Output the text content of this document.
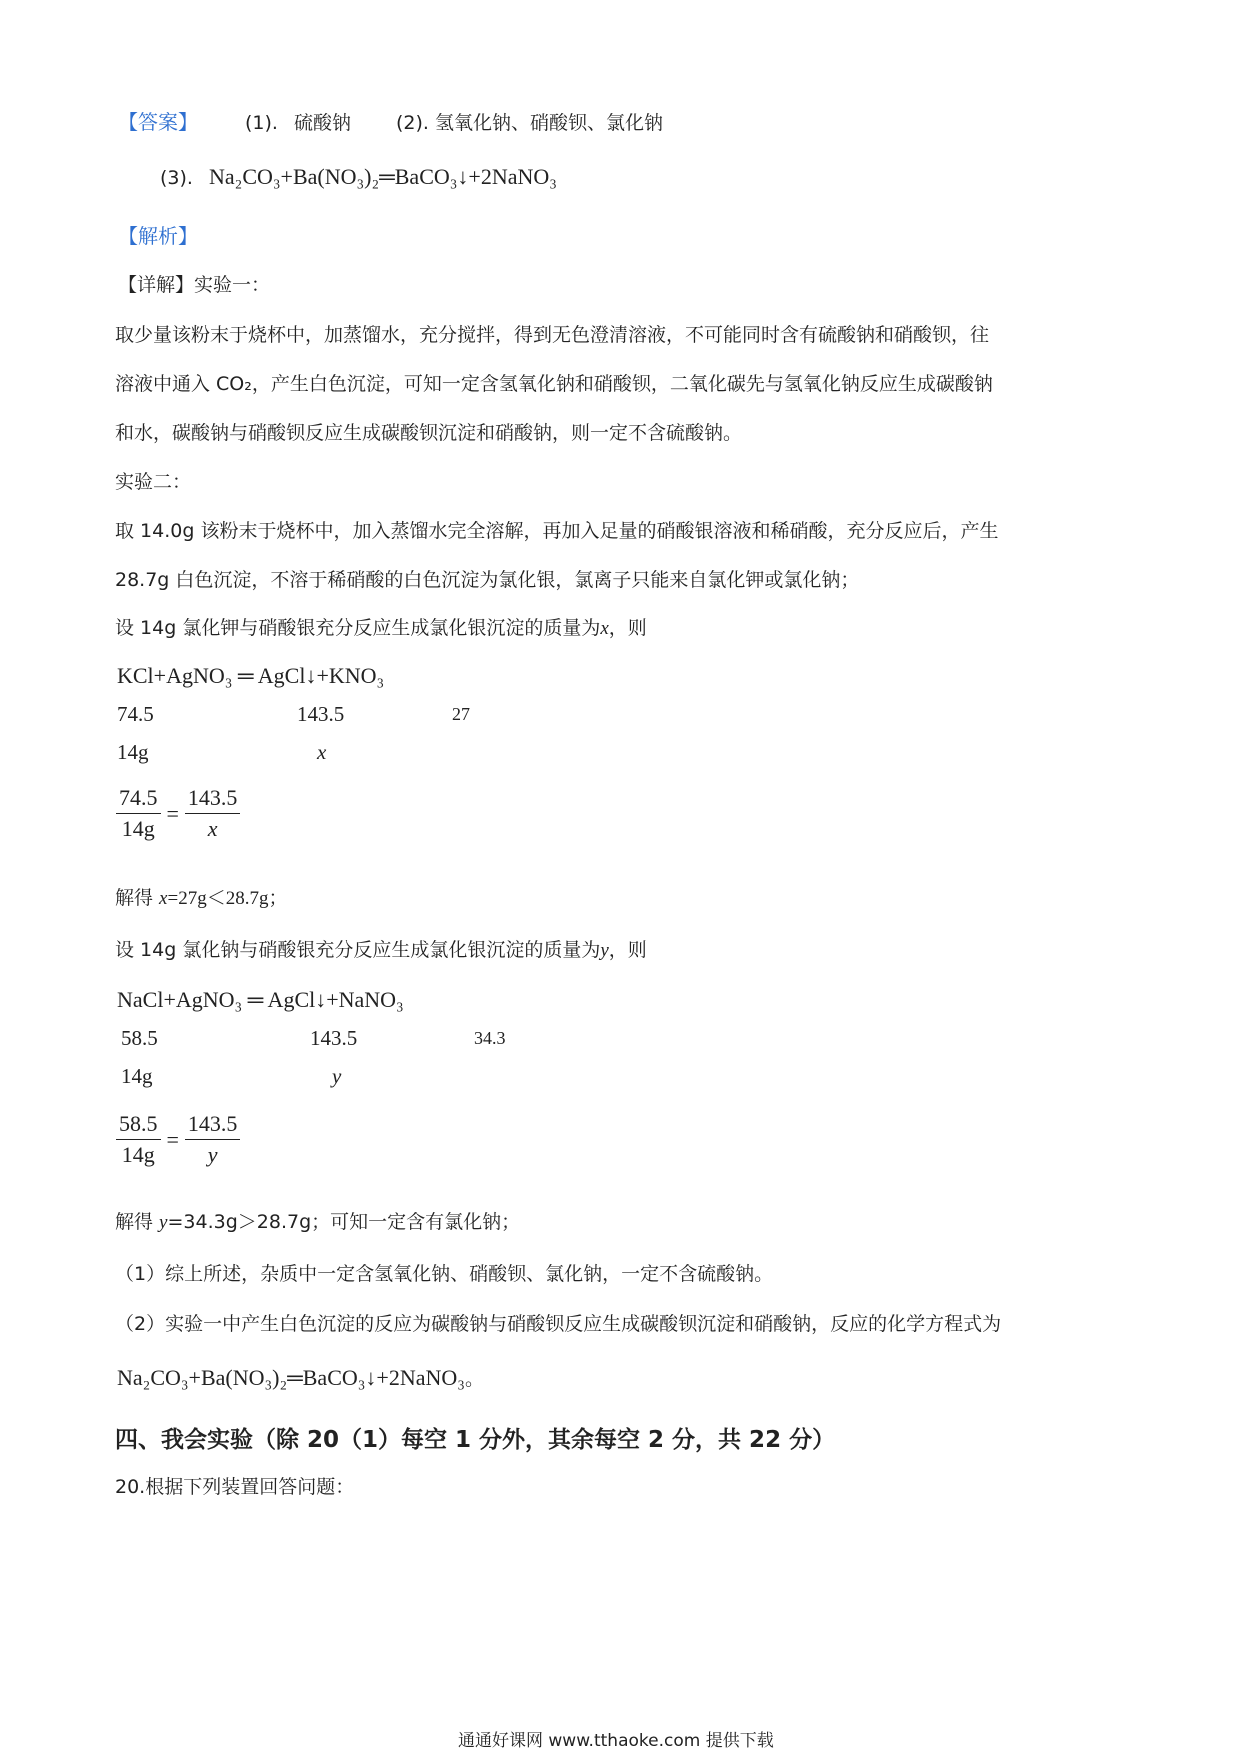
【答案】 (1). 硫酸钠 (2). 氢氧化钠、硝酸钡、氯化钠
(3). Na₂CO₃+Ba(NO₃)₂═BaCO₃↓+2NaNO₃
【解析】
【详解】实验一：
取少量该粉末于烧杯中，加蒸馏水，充分搅拌，得到无色澄清溶液，不可能同时含有硫酸钠和硝酸钡，往
溶液中通入 CO₂，产生白色沉淀，可知一定含氢氧化钠和硝酸钡，二氧化碳先与氢氧化钠反应生成碳酸钠
和水，碳酸钠与硝酸钡反应生成碳酸钡沉淀和硝酸钠，则一定不含硫酸钠。
实验二：
取 14.0g 该粉末于烧杯中，加入蒸馏水完全溶解，再加入足量的硝酸银溶液和稀硝酸，充分反应后，产生
28.7g 白色沉淀，不溶于稀硝酸的白色沉淀为氯化银，氯离子只能来自氯化钾或氯化钠；
设 14g 氯化钾与硝酸银充分反应生成氯化银沉淀的质量为x，则
KCl+AgNO₃ ═ AgCl↓+KNO₃
74.5	143.5	27
14g	x
$\frac{74.5}{14g} = \frac{143.5}{x}$
解得 x=27g＜28.7g；
设 14g 氯化钠与硝酸银充分反应生成氯化银沉淀的质量为y，则
NaCl+AgNO₃ ═ AgCl↓+NaNO₃
58.5	143.5	34.3
14g	y
$\frac{58.5}{14g} = \frac{143.5}{y}$
解得 y=34.3g＞28.7g；可知一定含有氯化钠；
（1）综上所述，杂质中一定含氢氧化钠、硝酸钡、氯化钠，一定不含硫酸钠。
（2）实验一中产生白色沉淀的反应为碳酸钠与硝酸钡反应生成碳酸钡沉淀和硝酸钠，反应的化学方程式为
Na₂CO₃+Ba(NO₃)₂═BaCO₃↓+2NaNO₃。
四、我会实验（除 20（1）每空 1 分外，其余每空 2 分，共 22 分）
20.根据下列装置回答问题：
通通好课网 www.tthaoke.com 提供下载
